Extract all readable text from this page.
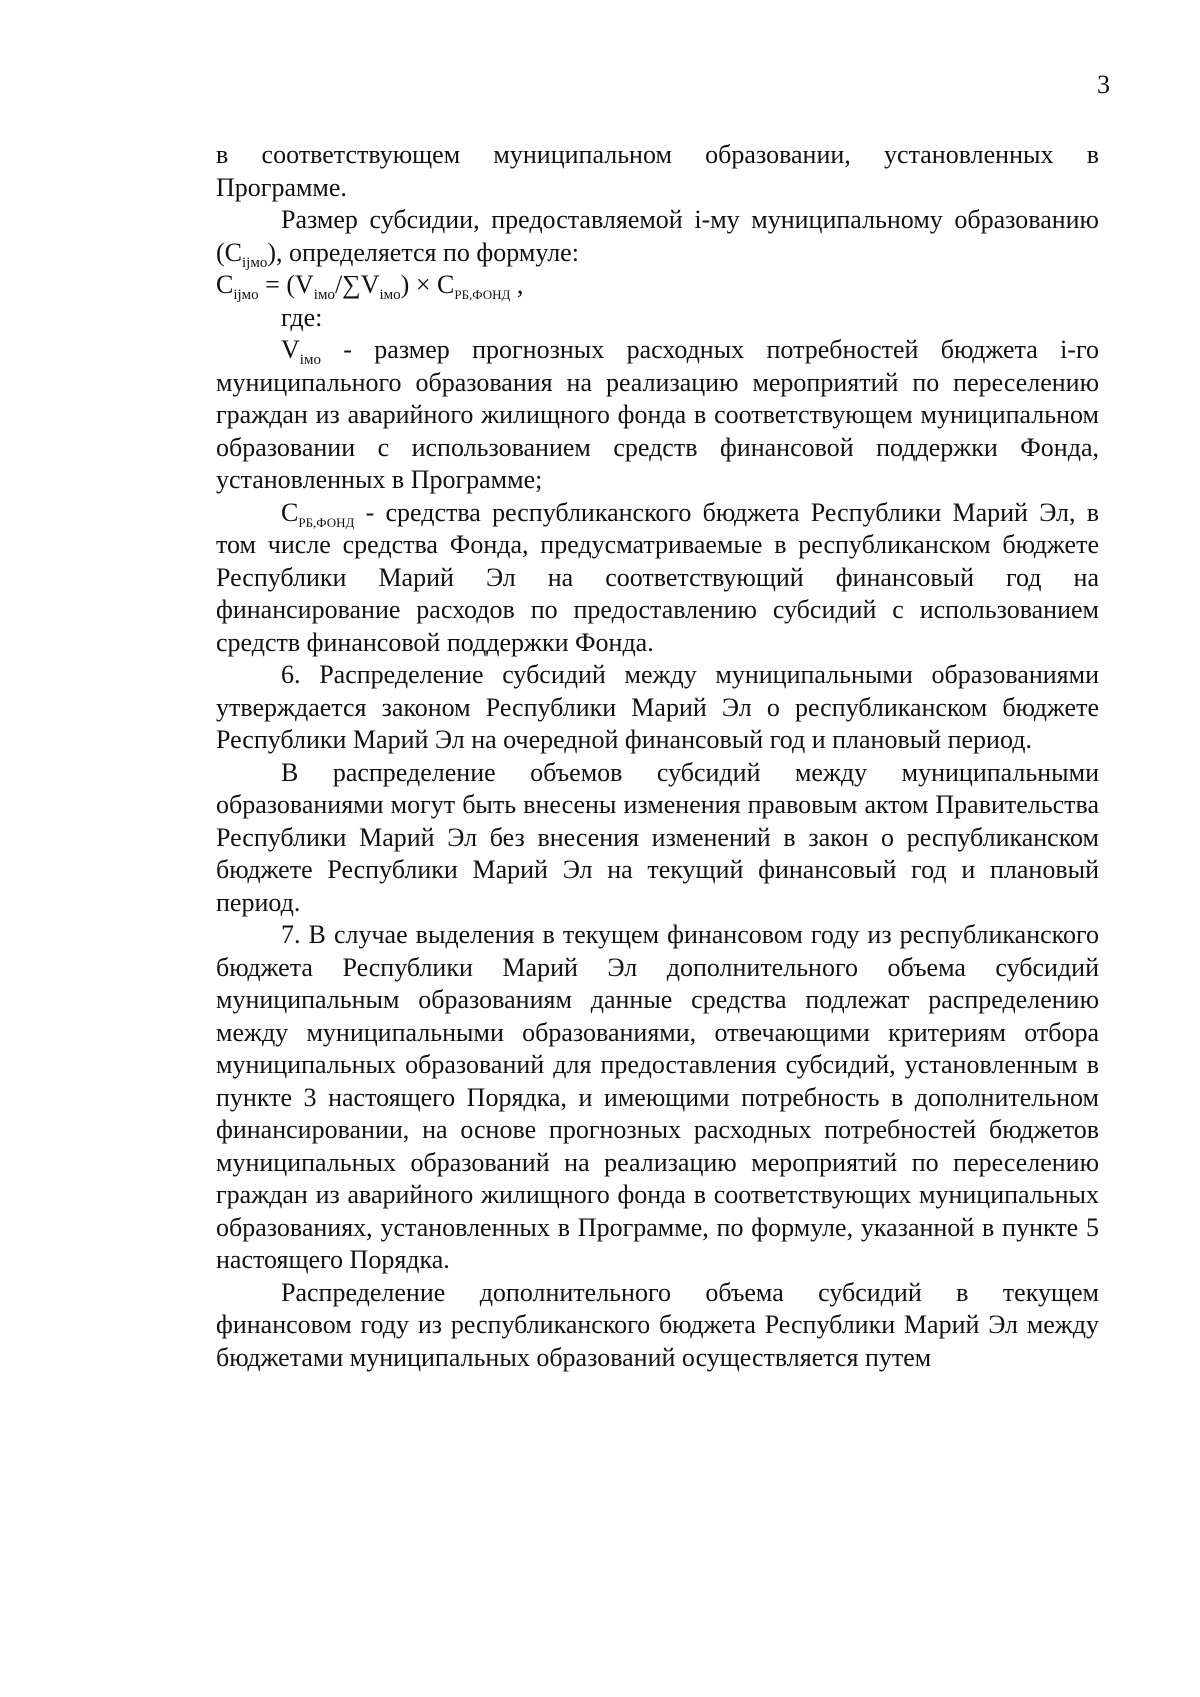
3

в соответствующем муниципальном образовании, установленных в Программе.

Размер субсидии, предоставляемой i-му муниципальному образованию $(C_{ijмо})$, определяется по формуле:

$C_{ijмо} = (V_{iмо}/\sum V_{iмо}) \times C_{РБ,ФОНД}$ ,

где:

$V_{iмо}$ - размер прогнозных расходных потребностей бюджета i-го муниципального образования на реализацию мероприятий по переселению граждан из аварийного жилищного фонда в соответствующем муниципальном образовании с использованием средств финансовой поддержки Фонда, установленных в Программе;

$C_{РБ,ФОНД}$ - средства республиканского бюджета Республики Марий Эл, в том числе средства Фонда, предусматриваемые в республиканском бюджете Республики Марий Эл на соответствующий финансовый год на финансирование расходов по предоставлению субсидий с использованием средств финансовой поддержки Фонда.

6. Распределение субсидий между муниципальными образованиями утверждается законом Республики Марий Эл о республиканском бюджете Республики Марий Эл на очередной финансовый год и плановый период.

В распределение объемов субсидий между муниципальными образованиями могут быть внесены изменения правовым актом Правительства Республики Марий Эл без внесения изменений в закон о республиканском бюджете Республики Марий Эл на текущий финансовый год и плановый период.

7. В случае выделения в текущем финансовом году из республиканского бюджета Республики Марий Эл дополнительного объема субсидий муниципальным образованиям данные средства подлежат распределению между муниципальными образованиями, отвечающими критериям отбора муниципальных образований для предоставления субсидий, установленным в пункте 3 настоящего Порядка, и имеющими потребность в дополнительном финансировании, на основе прогнозных расходных потребностей бюджетов муниципальных образований на реализацию мероприятий по переселению граждан из аварийного жилищного фонда в соответствующих муниципальных образованиях, установленных в Программе, по формуле, указанной в пункте 5 настоящего Порядка.

Распределение дополнительного объема субсидий в текущем финансовом году из республиканского бюджета Республики Марий Эл между бюджетами муниципальных образований осуществляется путем
